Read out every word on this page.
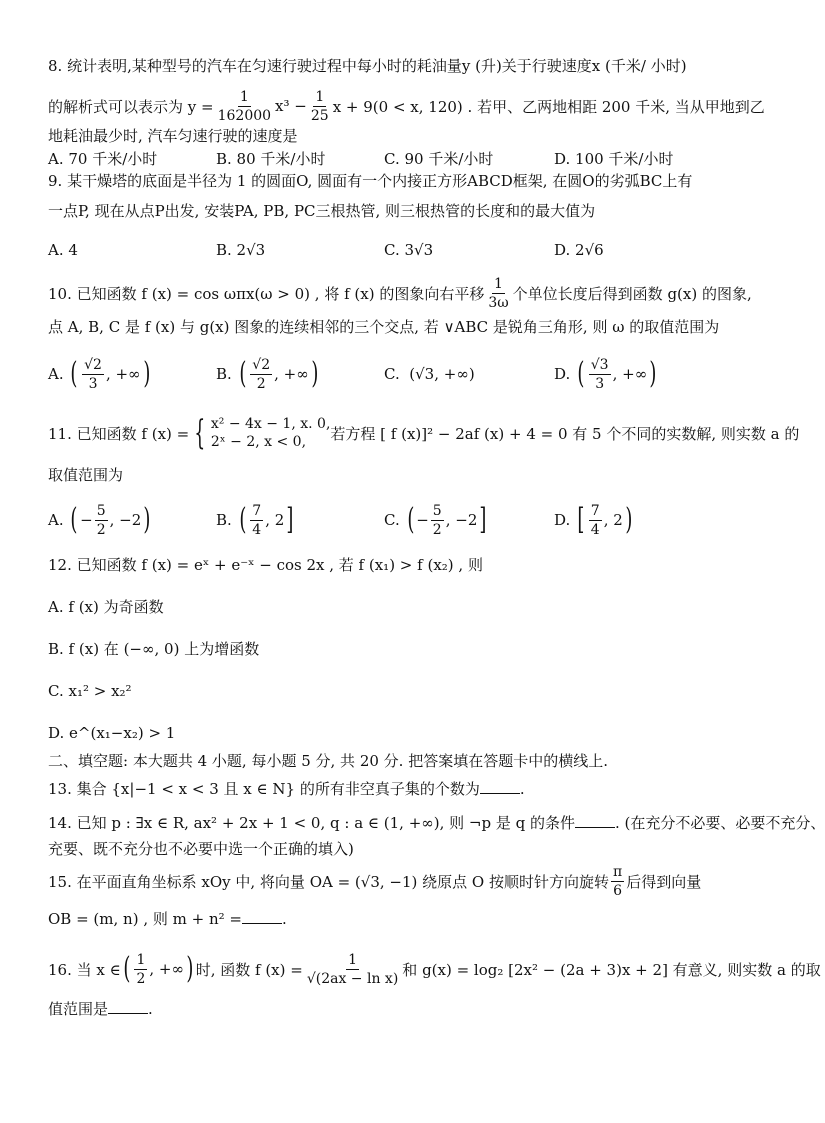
8. 统计表明,某种型号的汽车在匀速行驶过程中每小时的耗油量y (升)关于行驶速度x (千米/ 小时)
的解析式可以表示为 $y = \frac{1}{162000} x^3 - \frac{1}{25}$ x + 9(0 < x, 120) . 若甲、乙两地相距 200 千米, 当从甲地到乙
地耗油最少时, 汽车匀速行驶的速度是
A. 70 千米/小时	B. 80 千米/小时	C. 90 千米/小时	D. 100 千米/小时
9. 某干燥塔的底面是半径为 1 的圆面O, 圆面有一个内接正方形ABCD框架, 在圆O的劣弧BC上有
一点P, 现在从点P出发, 安装PA, PB, PC三根热管, 则三根热管的长度和的最大值为
A. 4	B. 2√3	C. 3√3	D. 2√6
10. 已知函数 f (x) = cos ωπx(ω > 0) , 将 f (x) 的图象向右平移 $\frac{1}{3\omega}$ 个单位长度后得到函数 g(x) 的图象,
点 A, B, C 是 f (x) 与 g(x) 图象的连续相邻的三个交点, 若 ∨ABC 是锐角三角形, 则 ω 的取值范围为
A.
( $\frac{√2}{3}$ , +∞ )	B.
( $\frac{√2}{2}$ , +∞ )	C.
(√3, +∞)	D.
( $\frac{√3}{3}$ , +∞ )
11. 已知函数 f (x) = { x² − 4x − 1, x. 0,
2ˣ − 2, x < 0,	若方程 [ f (x)]² − 2af (x) + 4 = 0 有 5 个不同的实数解, 则实数 a 的
取值范围为
A.
( − $\frac{5}{2}$ , −2 )	B.
( $\frac{7}{4}$ , 2 ]	C.
( − $\frac{5}{2}$ , −2 ]	D.
[ $\frac{7}{4}$ , 2 )
12. 已知函数 f (x) = eˣ + e⁻ˣ − cos 2x , 若 f (x₁) > f (x₂) , 则
A. f (x) 为奇函数
B. f (x) 在 (−∞, 0) 上为增函数
C. x₁² > x₂²
D. e^(x₁−x₂) > 1
二、填空题: 本大题共 4 小题, 每小题 5 分, 共 20 分. 把答案填在答题卡中的横线上.
13. 集合 {x|−1 < x < 3 且 x ∈ N} 的所有非空真子集的个数为	.
14. 已知 p : ∃x ∈ R, ax² + 2x + 1 < 0, q : a ∈ (1, +∞), 则 ¬p 是 q 的条件	. (在充分不必要、必要不充分、
充要、既不充分也不必要中选一个正确的填入)
15. 在平面直角坐标系 xOy 中, 将向量 OA = (√3, −1) 绕原点 O 按顺时针方向旋转 $\frac{\pi}{6}$ 后得到向量
OB = (m, n) , 则 m + n² =	.
16. 当 x ∈ ( $\frac{1}{2}$ , +∞ ) 时, 函数 f $(x) = \frac{1}{\text{√(2ax − ln x)}}$ 和 g(x) = log₂ [2x² − (2a + 3)x + 2] 有意义, 则实数 a 的取
值范围是	.
